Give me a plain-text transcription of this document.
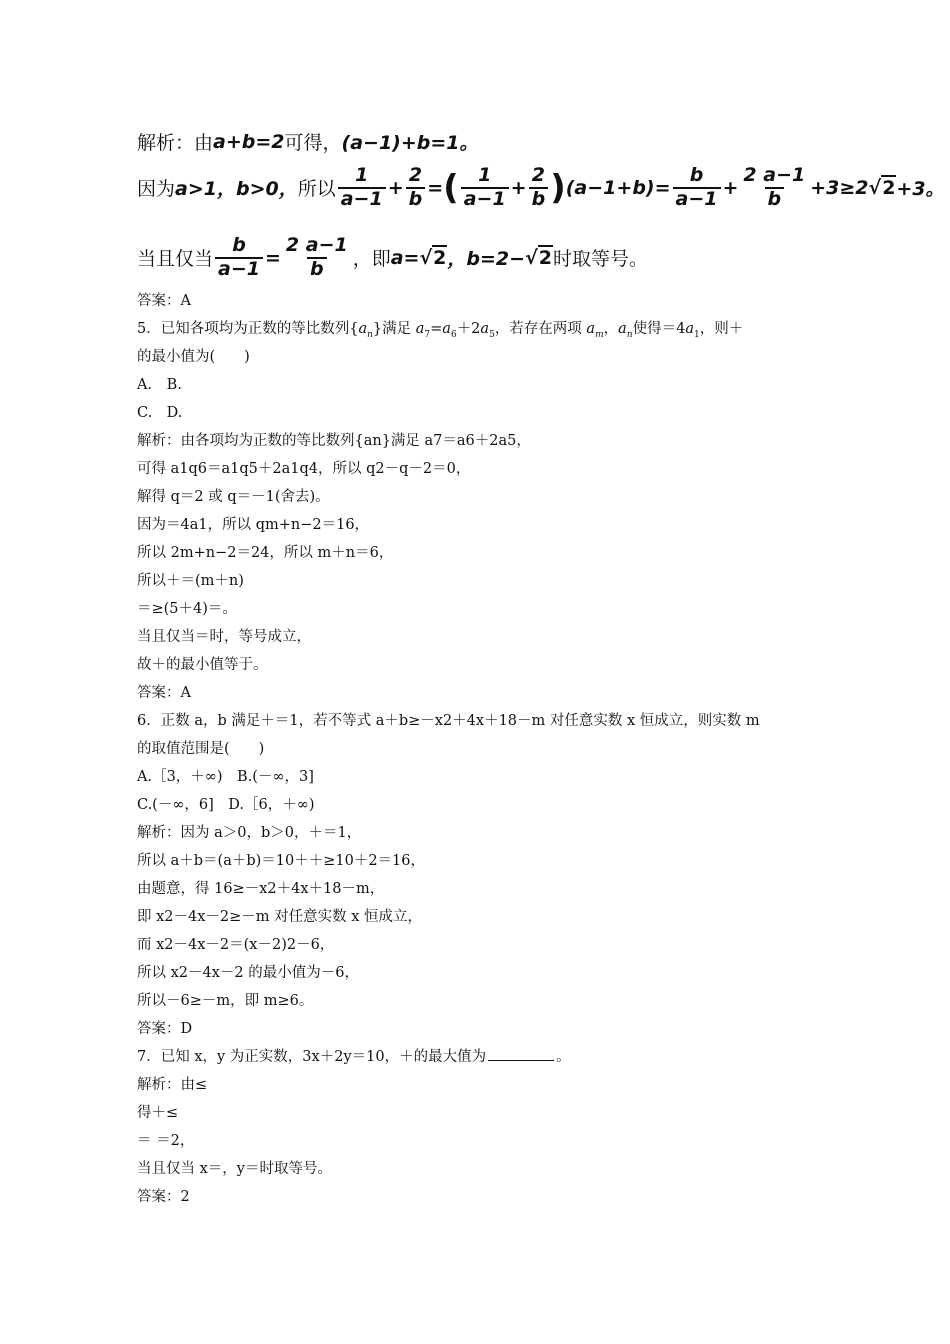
解析：由 a+b=2 可得， (a−1)+b=1。
因为 a>1，b>0， 所以 $\frac{1}{a-1} + \frac{2}{b}$ = ( $\frac{1}{a-1} + \frac{2}{b}$ ) $(a-1+b)= \frac{b}{a-1} + \frac{2 a-1}{b} +3\ge 2$ √2 +3。
当且仅当 $\frac{b}{a-1} = \frac{2 a-1}{b}$ ，即 a= √2 ，b=2− √2 时取等号。
答案：A
5．已知各项均为正数的等比数列$\{a_n\}$满足 $a_7=a_6+2a_5$，若存在两项 $a_m$，$a_n$使得$=4a_1$，则＋
的最小值为(　　)
A.　B.
C.　D.
解析：由各项均为正数的等比数列{an}满足 a7＝a6＋2a5，
可得 a1q6＝a1q5＋2a1q4，所以 q2－q－2＝0，
解得 q＝2 或 q＝－1(舍去)。
因为＝4a1，所以 qm+n−2＝16，
所以 2m+n−2＝24，所以 m＋n＝6，
所以＋＝(m＋n)
＝≥(5＋4)＝。
当且仅当＝时，等号成立，
故＋的最小值等于。
答案：A
6．正数 a，b 满足＋＝1，若不等式 a＋b≥－x2＋4x＋18－m 对任意实数 x 恒成立，则实数 m
的取值范围是(　　)
A.［3，＋∞)　B.(－∞，3]
C.(－∞，6]　D.［6，＋∞)
解析：因为 a＞0，b＞0，＋＝1，
所以 a＋b＝(a＋b)＝10＋＋≥10＋2＝16，
由题意，得 16≥－x2＋4x＋18－m，
即 x2－4x－2≥－m 对任意实数 x 恒成立，
而 x2－4x－2＝(x－2)2－6，
所以 x2－4x－2 的最小值为－6，
所以－6≥－m，即 m≥6。
答案：D
7．已知 x，y 为正实数，3x＋2y＝10，＋的最大值为	。
解析：由≤
得＋≤
＝ ＝2，
当且仅当 x＝，y＝时取等号。
答案：2
